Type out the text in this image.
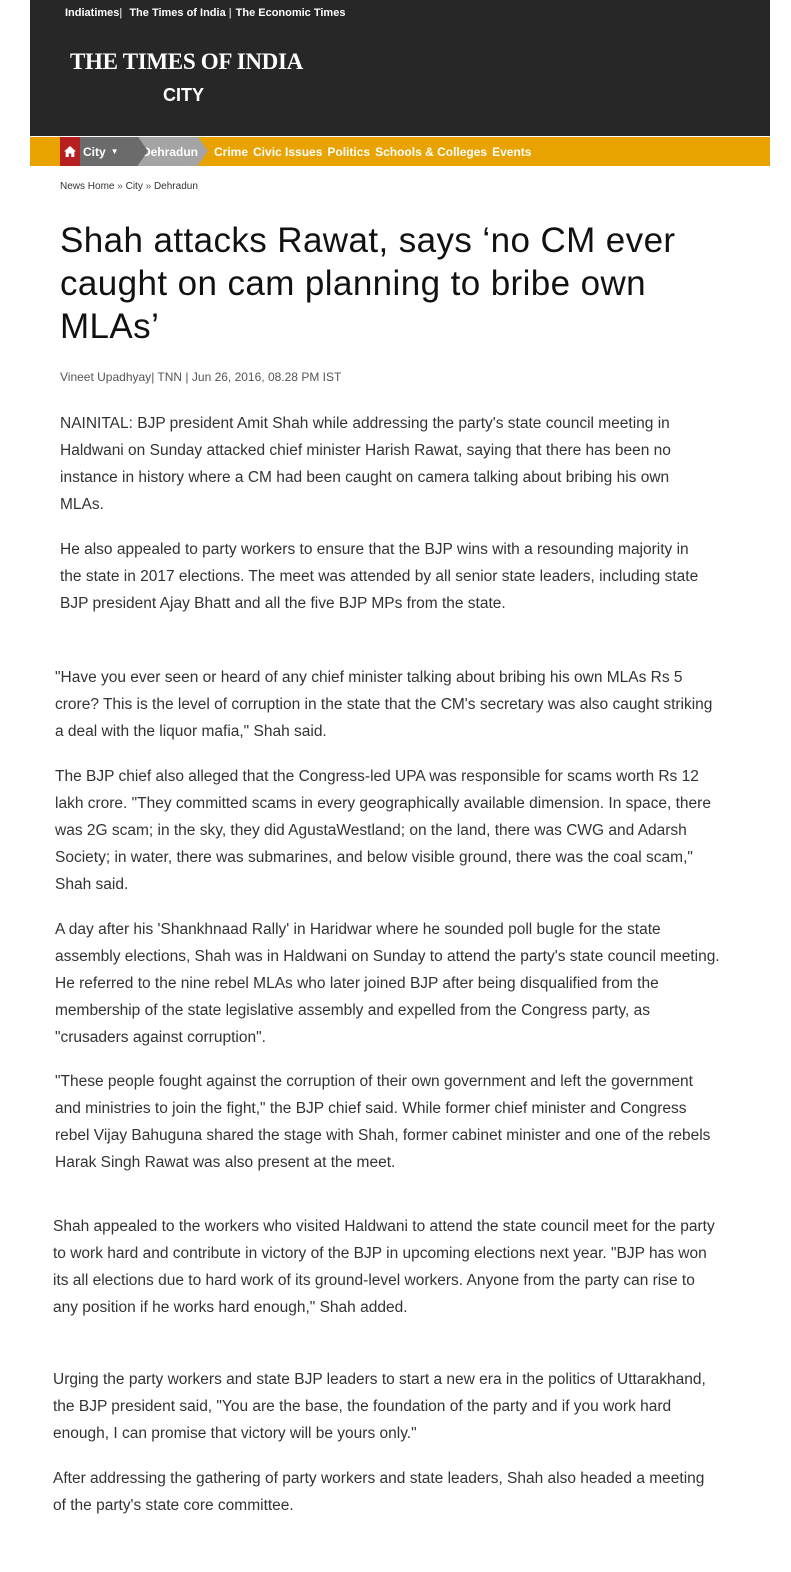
Indiatimes| The Times of India | The Economic Times
THE TIMES OF INDIA
CITY
Dehradun
City ▼	Crime Civic Issues Politics Schools & Colleges Events
News Home » City » Dehradun
Shah attacks Rawat, says ‘no CM ever caught on cam planning to bribe own MLAs’
Vineet Upadhyay| TNN | Jun 26, 2016, 08.28 PM IST

NAINITAL: BJP president Amit Shah while addressing the party's state council meeting in Haldwani on Sunday attacked chief minister Harish Rawat, saying that there has been no instance in history where a CM had been caught on camera talking about bribing his own MLAs.

He also appealed to party workers to ensure that the BJP wins with a resounding majority in the state in 2017 elections. The meet was attended by all senior state leaders, including state BJP president Ajay Bhatt and all the five BJP MPs from the state.

"Have you ever seen or heard of any chief minister talking about bribing his own MLAs Rs 5 crore? This is the level of corruption in the state that the CM's secretary was also caught striking a deal with the liquor mafia," Shah said.

The BJP chief also alleged that the Congress-led UPA was responsible for scams worth Rs 12 lakh crore. "They committed scams in every geographically available dimension. In space, there was 2G scam; in the sky, they did AgustaWestland; on the land, there was CWG and Adarsh Society; in water, there was submarines, and below visible ground, there was the coal scam," Shah said.

A day after his 'Shankhnaad Rally' in Haridwar where he sounded poll bugle for the state assembly elections, Shah was in Haldwani on Sunday to attend the party's state council meeting. He referred to the nine rebel MLAs who later joined BJP after being disqualified from the membership of the state legislative assembly and expelled from the Congress party, as "crusaders against corruption".

"These people fought against the corruption of their own government and left the government and ministries to join the fight," the BJP chief said. While former chief minister and Congress rebel Vijay Bahuguna shared the stage with Shah, former cabinet minister and one of the rebels Harak Singh Rawat was also present at the meet.

Shah appealed to the workers who visited Haldwani to attend the state council meet for the party to work hard and contribute in victory of the BJP in upcoming elections next year. "BJP has won its all elections due to hard work of its ground-level workers. Anyone from the party can rise to any position if he works hard enough," Shah added.

Urging the party workers and state BJP leaders to start a new era in the politics of Uttarakhand, the BJP president said, "You are the base, the foundation of the party and if you work hard enough, I can promise that victory will be yours only."

After addressing the gathering of party workers and state leaders, Shah also headed a meeting of the party's state core committee.
